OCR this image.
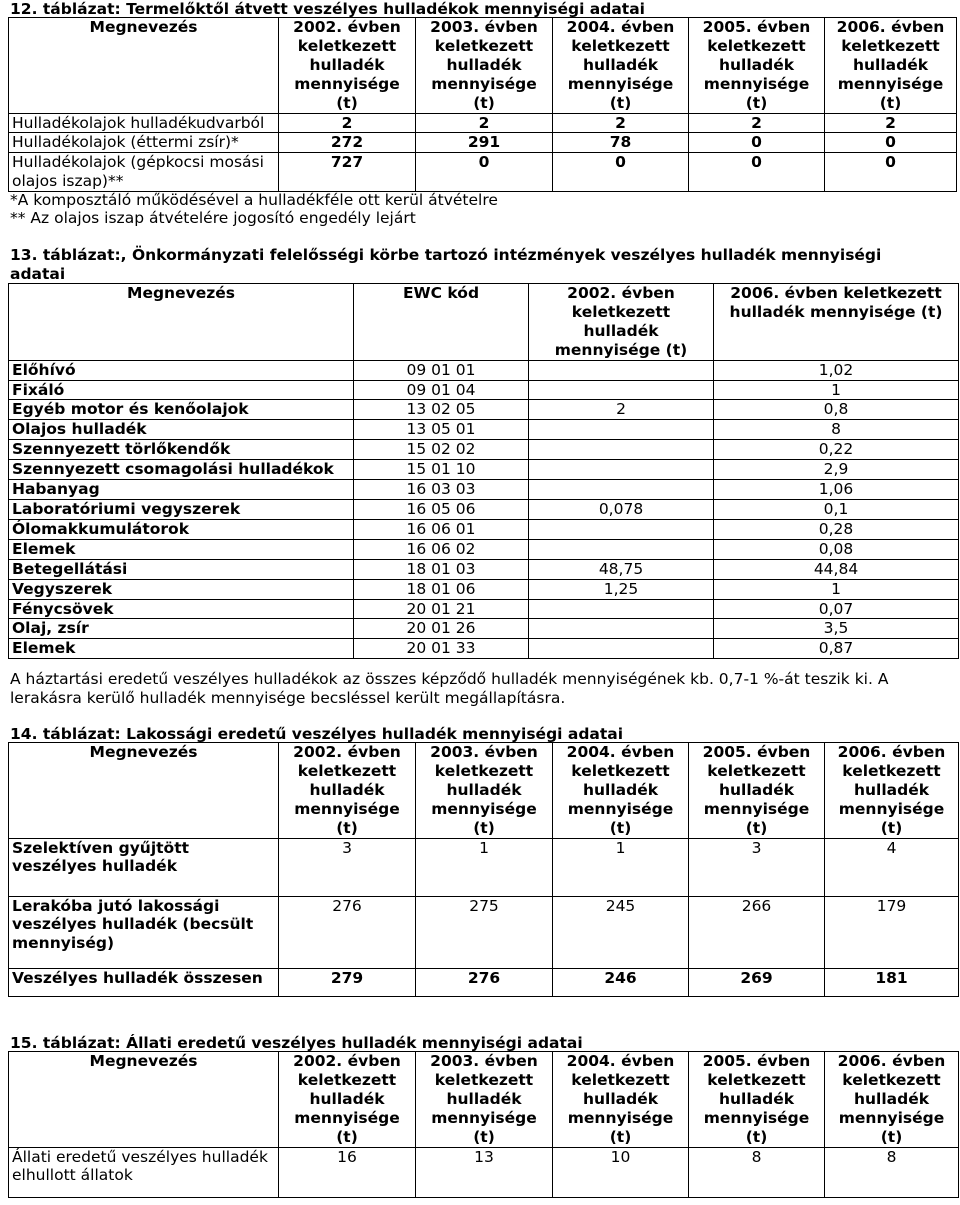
12. táblázat: Termelőktől átvett veszélyes hulladékok mennyiségi adatai
Megnevezés	2002. évben keletkezett hulladék mennyisége (t)	2003. évben keletkezett hulladék mennyisége (t)	2004. évben keletkezett hulladék mennyisége (t)	2005. évben keletkezett hulladék mennyisége (t)	2006. évben keletkezett hulladék mennyisége (t)
Hulladékolajok hulladékudvarból	2	2	2	2	2
Hulladékolajok (éttermi zsír)*	272	291	78	0	0
Hulladékolajok (gépkocsi mosási olajos iszap)**	727	0	0	0	0
*A komposztáló működésével a hulladékféle ott kerül átvételre
** Az olajos iszap átvételére jogosító engedély lejárt
13. táblázat:, Önkormányzati felelősségi körbe tartozó intézmények veszélyes hulladék mennyiségi adatai
Megnevezés	EWC kód	2002. évben keletkezett hulladék mennyisége (t)	2006. évben keletkezett hulladék mennyisége (t)
Előhívó	09 01 01		1,02
Fixáló	09 01 04		1
Egyéb motor és kenőolajok	13 02 05	2	0,8
Olajos hulladék	13 05 01		8
Szennyezett törlőkendők	15 02 02		0,22
Szennyezett csomagolási hulladékok	15 01 10		2,9
Habanyag	16 03 03		1,06
Laboratóriumi vegyszerek	16 05 06	0,078	0,1
Ólomakkumulátorok	16 06 01		0,28
Elemek	16 06 02		0,08
Betegellátási	18 01 03	48,75	44,84
Vegyszerek	18 01 06	1,25	1
Fénycsövek	20 01 21		0,07
Olaj, zsír	20 01 26		3,5
Elemek	20 01 33		0,87
A háztartási eredetű veszélyes hulladékok az összes képződő hulladék mennyiségének kb. 0,7-1 %-át teszik ki. A lerakásra kerülő hulladék mennyisége becsléssel került megállapításra.
14. táblázat: Lakossági eredetű veszélyes hulladék mennyiségi adatai
Megnevezés	2002. évben keletkezett hulladék mennyisége (t)	2003. évben keletkezett hulladék mennyisége (t)	2004. évben keletkezett hulladék mennyisége (t)	2005. évben keletkezett hulladék mennyisége (t)	2006. évben keletkezett hulladék mennyisége (t)
Szelektíven gyűjtött veszélyes hulladék	3	1	1	3	4
Lerakóba jutó lakossági veszélyes hulladék (becsült mennyiség)	276	275	245	266	179
Veszélyes hulladék összesen	279	276	246	269	181
15. táblázat: Állati eredetű veszélyes hulladék mennyiségi adatai
Megnevezés	2002. évben keletkezett hulladék mennyisége (t)	2003. évben keletkezett hulladék mennyisége (t)	2004. évben keletkezett hulladék mennyisége (t)	2005. évben keletkezett hulladék mennyisége (t)	2006. évben keletkezett hulladék mennyisége (t)
Állati eredetű veszélyes hulladék elhullott állatok	16	13	10	8	8
